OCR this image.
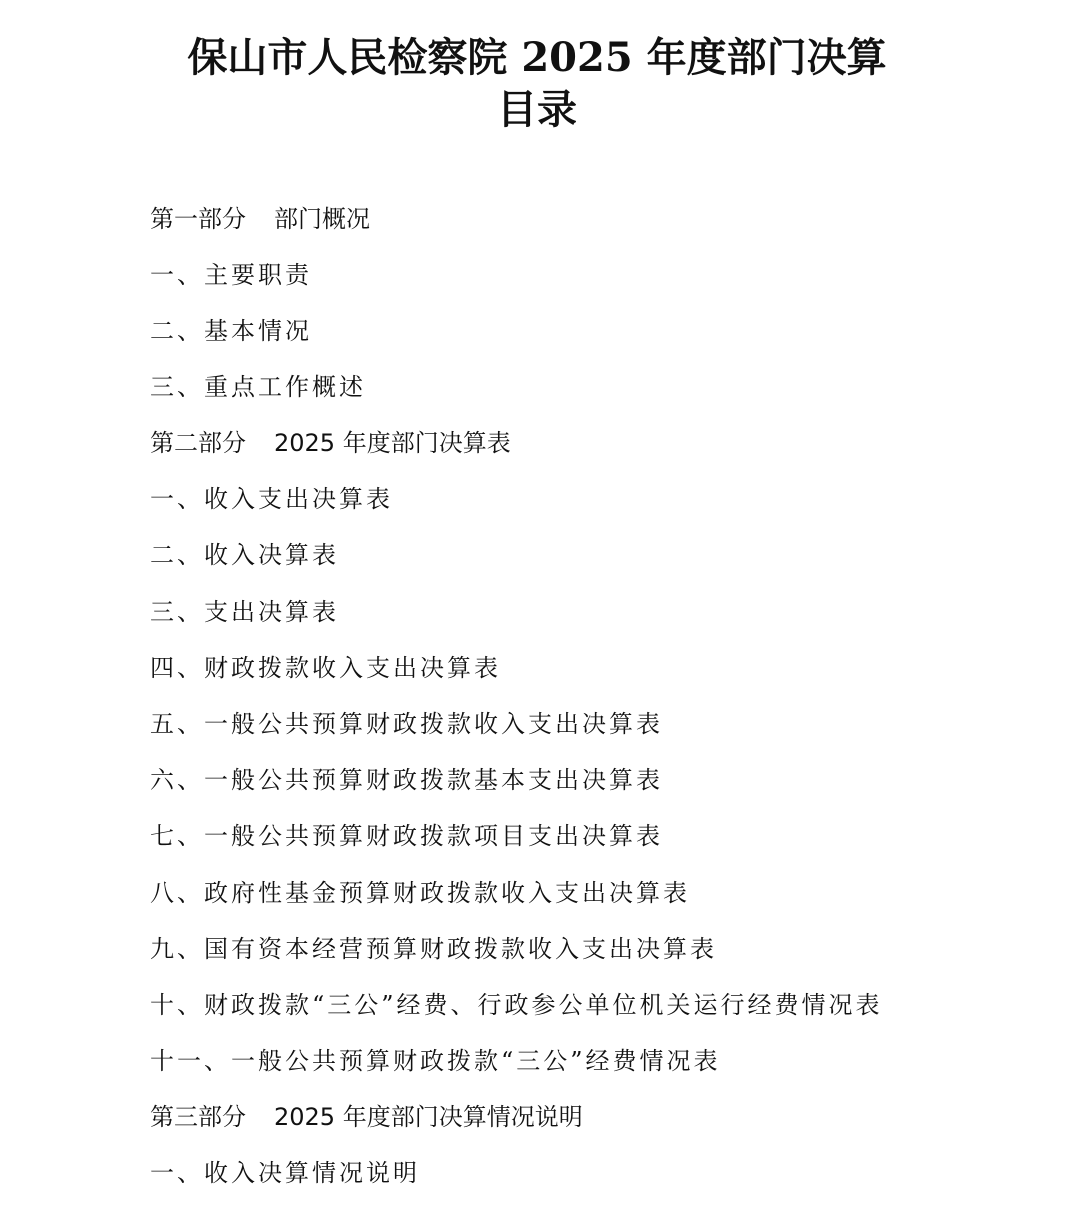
保山市人民检察院 2025 年度部门决算
目录
第一部分 部门概况
一、主要职责
二、基本情况
三、重点工作概述
第二部分 2025 年度部门决算表
一、收入支出决算表
二、收入决算表
三、支出决算表
四、财政拨款收入支出决算表
五、一般公共预算财政拨款收入支出决算表
六、一般公共预算财政拨款基本支出决算表
七、一般公共预算财政拨款项目支出决算表
八、政府性基金预算财政拨款收入支出决算表
九、国有资本经营预算财政拨款收入支出决算表
十、财政拨款“三公”经费、行政参公单位机关运行经费情况表
十一、一般公共预算财政拨款“三公”经费情况表
第三部分 2025 年度部门决算情况说明
一、收入决算情况说明
